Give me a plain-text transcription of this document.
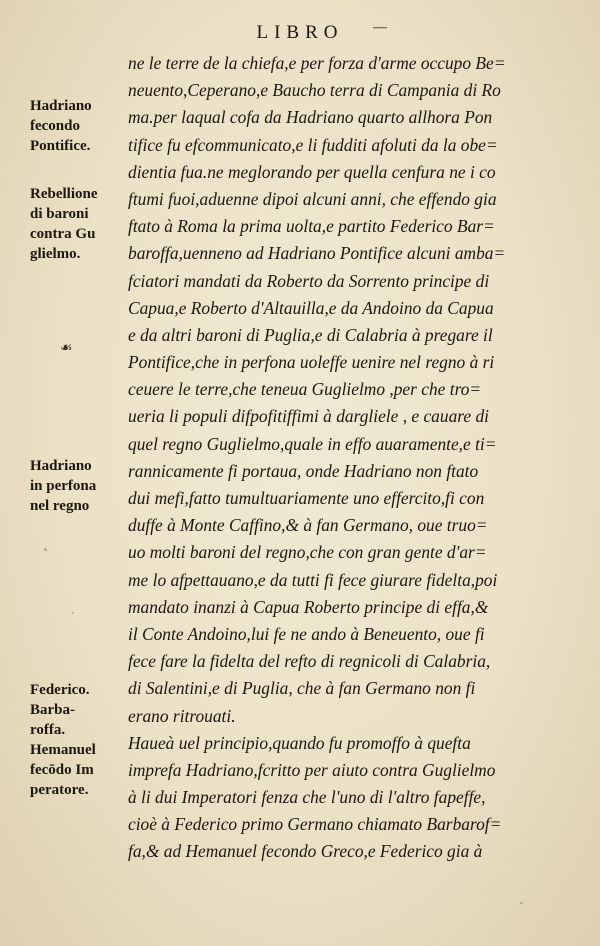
LIBRO —
Hadriano
fecondo
Pontifice.
Rebellione
di baroni
contra Gu
glielmo.
☙
Hadriano
in perfona
nel regno
Federico.
Barba-
roffa.
Hemanuel
fecōdo Im
peratore.
ne le terre de la chiefa,e per forza d'arme occupo Be=
neuento,Ceperano,e Baucho terra di Campania di Ro
ma.per laqual cofa da Hadriano quarto allhora Pon
tifice fu efcommunicato,e li fudditi afoluti da la obe=
dientia fua.ne meglorando per quella cenfura ne i co
ftumi fuoi,aduenne dipoi alcuni anni, che effendo gia
ftato à Roma la prima uolta,e partito Federico Bar=
baroffa,uenneno ad Hadriano Pontifice alcuni amba=
fciatori mandati da Roberto da Sorrento principe di
Capua,e Roberto d'Altauilla,e da Andoino da Capua
e da altri baroni di Puglia,e di Calabria à pregare il
Pontifice,che in perfona uoleffe uenire nel regno à ri
ceuere le terre,che teneua Guglielmo ,per che tro=
ueria li populi difpofitiffimi à dargliele , e cauare di
quel regno Guglielmo,quale in effo auaramente,e ti=
rannicamente fi portaua, onde Hadriano non ftato
dui mefi,fatto tumultuariamente uno effercito,fi con
duffe à Monte Caffino,& à fan Germano, oue truo=
uo molti baroni del regno,che con gran gente d'ar=
me lo afpettauano,e da tutti fi fece giurare fidelta,poi
mandato inanzi à Capua Roberto principe di effa,&
il Conte Andoino,lui fe ne ando à Beneuento, oue fi
fece fare la fidelta del refto di regnicoli di Calabria,
di Salentini,e di Puglia, che à fan Germano non fi
erano ritrouati.
Haueà uel principio,quando fu promoffo à quefta
imprefa Hadriano,fcritto per aiuto contra Guglielmo
à li dui Imperatori fenza che l'uno di l'altro fapeffe,
cioè à Federico primo Germano chiamato Barbarof=
fa,& ad Hemanuel fecondo Greco,e Federico gia à
